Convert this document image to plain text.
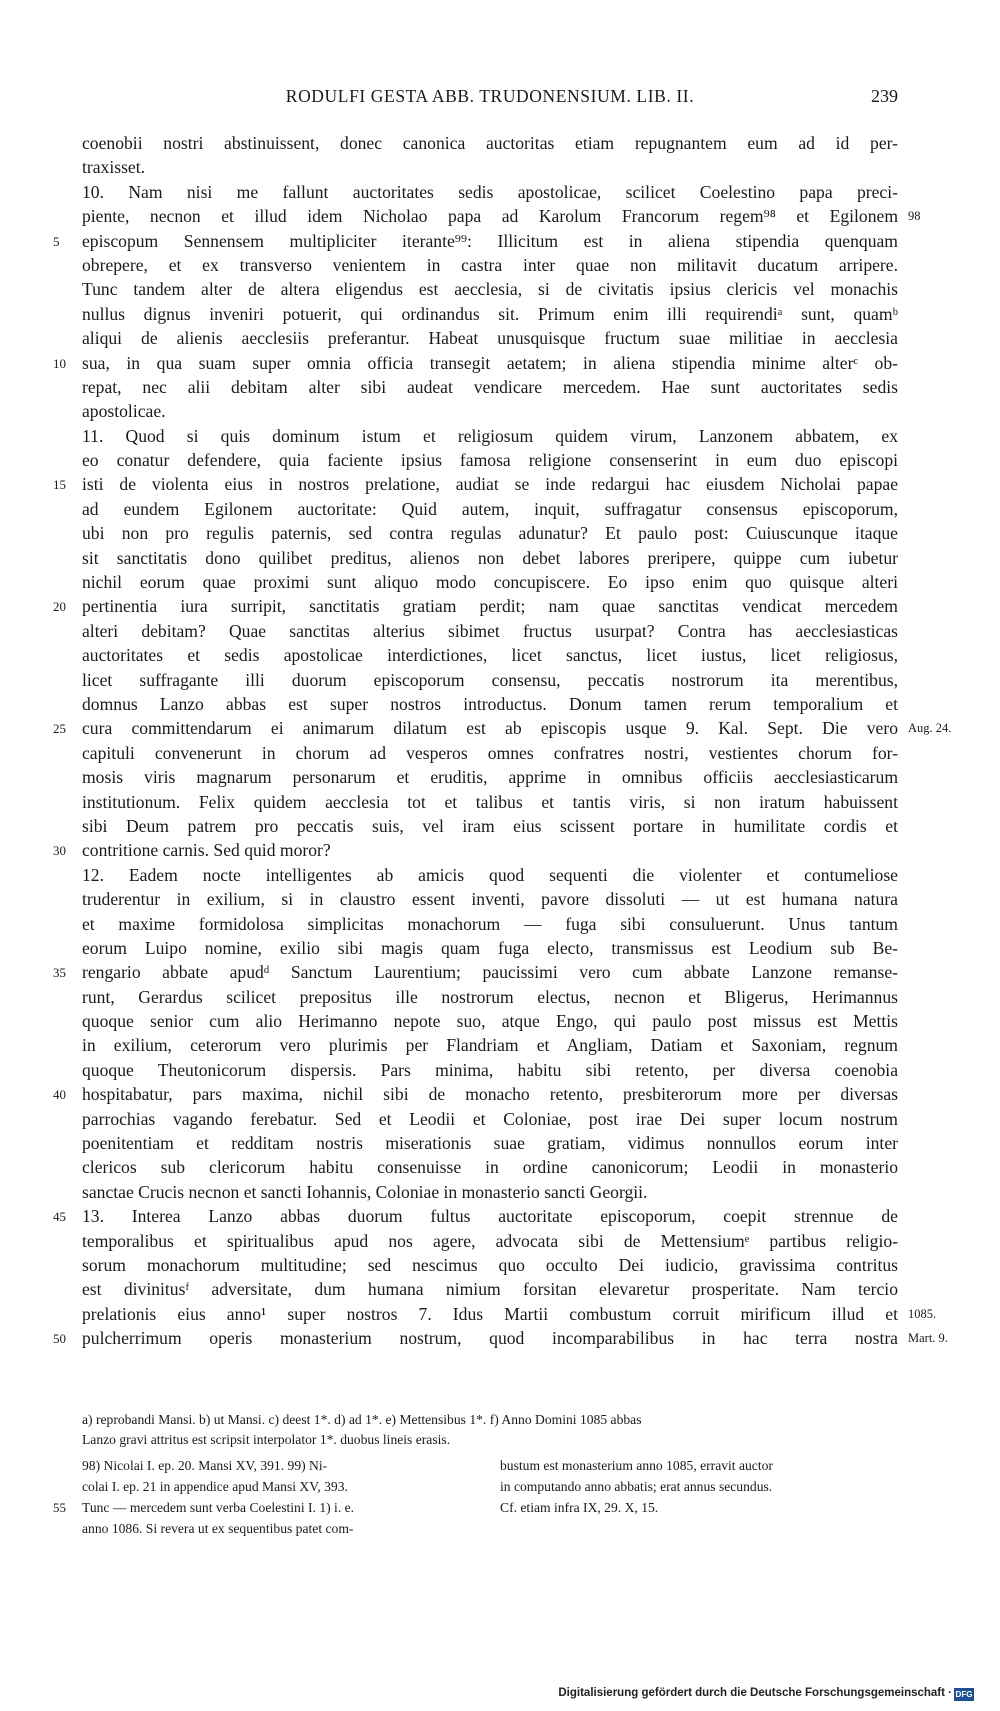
RODULFI GESTA ABB. TRUDONENSIUM. LIB. II.	239
coenobii nostri abstinuissent, donec canonica auctoritas etiam repugnantem eum ad id per-
traxisset.
10. Nam nisi me fallunt auctoritates sedis apostolicae, scilicet Coelestino papa preci-
piente, necnon et illud idem Nicholao papa ad Karolum Francorum regem⁹⁸ et Egilonem 98
5 episcopum Sennensem multipliciter iterante⁹⁹: Illicitum est in aliena stipendia quenquam
obrepere, et ex transverso venientem in castra inter quae non militavit ducatum arripere.
Tunc tandem alter de altera eligendus est aecclesia, si de civitatis ipsius clericis vel monachis
nullus dignus inveniri potuerit, qui ordinandus sit. Primum enim illi requirendiᵃ sunt, quamᵇ
aliqui de alienis aecclesiis preferantur. Habeat unusquisque fructum suae militiae in aecclesia
10 sua, in qua suam super omnia officia transegit aetatem; in aliena stipendia minime alterᶜ ob-
repat, nec alii debitam alter sibi audeat vendicare mercedem. Hae sunt auctoritates sedis
apostolicae.
11. Quod si quis dominum istum et religiosum quidem virum, Lanzonem abbatem, ex
eo conatur defendere, quia faciente ipsius famosa religione consenserint in eum duo episcopi
15 isti de violenta eius in nostros prelatione, audiat se inde redargui hac eiusdem Nicholai papae
ad eundem Egilonem auctoritate: Quid autem, inquit, suffragatur consensus episcoporum,
ubi non pro regulis paternis, sed contra regulas adunatur? Et paulo post: Cuiuscunque itaque
sit sanctitatis dono quilibet preditus, alienos non debet labores preripere, quippe cum iubetur
nichil eorum quae proximi sunt aliquo modo concupiscere. Eo ipso enim quo quisque alteri
20 pertinentia iura surripit, sanctitatis gratiam perdit; nam quae sanctitas vendicat mercedem
alteri debitam? Quae sanctitas alterius sibimet fructus usurpat? Contra has aecclesiasticas
auctoritates et sedis apostolicae interdictiones, licet sanctus, licet iustus, licet religiosus,
licet suffragante illi duorum episcoporum consensu, peccatis nostrorum ita merentibus,
domnus Lanzo abbas est super nostros introductus. Donum tamen rerum temporalium et
25 cura committendarum ei animarum dilatum est ab episcopis usque 9. Kal. Sept. Die vero Aug. 24.
capituli convenerunt in chorum ad vesperos omnes confratres nostri, vestientes chorum for-
mosis viris magnarum personarum et eruditis, apprime in omnibus officiis aecclesiasticarum
institutionum. Felix quidem aecclesia tot et talibus et tantis viris, si non iratum habuissent
sibi Deum patrem pro peccatis suis, vel iram eius scissent portare in humilitate cordis et
30 contritione carnis. Sed quid moror?
12. Eadem nocte intelligentes ab amicis quod sequenti die violenter et contumeliose
truderentur in exilium, si in claustro essent inventi, pavore dissoluti — ut est humana natura
et maxime formidolosa simplicitas monachorum — fuga sibi consuluerunt. Unus tantum
eorum Luipo nomine, exilio sibi magis quam fuga electo, transmissus est Leodium sub Be-
35 rengario abbate apudᵈ Sanctum Laurentium; paucissimi vero cum abbate Lanzone remanse-
runt, Gerardus scilicet prepositus ille nostrorum electus, necnon et Bligerus, Herimannus
quoque senior cum alio Herimanno nepote suo, atque Engo, qui paulo post missus est Mettis
in exilium, ceterorum vero plurimis per Flandriam et Angliam, Datiam et Saxoniam, regnum
quoque Theutonicorum dispersis. Pars minima, habitu sibi retento, per diversa coenobia
40 hospitabatur, pars maxima, nichil sibi de monacho retento, presbiterorum more per diversas
parrochias vagando ferebatur. Sed et Leodii et Coloniae, post irae Dei super locum nostrum
poenitentiam et redditam nostris miserationis suae gratiam, vidimus nonnullos eorum inter
clericos sub clericorum habitu consenuisse in ordine canonicorum; Leodii in monasterio
sanctae Crucis necnon et sancti Iohannis, Coloniae in monasterio sancti Georgii.
45 13. Interea Lanzo abbas duorum fultus auctoritate episcoporum, coepit strennue de
temporalibus et spiritualibus apud nos agere, advocata sibi de Mettensiumᵉ partibus religio-
sorum monachorum multitudine; sed nescimus quo occulto Dei iudicio, gravissima contritus
est divinitusᶠ adversitate, dum humana nimium forsitan elevaretur prosperitate. Nam tercio
prelationis eius anno¹ super nostros 7. Idus Martii combustum corruit mirificum illud et 1085.
50 pulcherrimum operis monasterium nostrum, quod incomparabilibus in hac terra nostra Mart. 9.
a) reprobandi Mansi. b) ut Mansi. c) deest 1*. d) ad 1*. e) Mettensibus 1*. f) Anno Domini 1085 abbas
Lanzo gravi attritus est scripsit interpolator 1*. duobus lineis erasis.
98) Nicolai I. ep. 20. Mansi XV, 391. 99) Ni-
colai I. ep. 21 in appendice apud Mansi XV, 393.
55 Tunc — mercedem sunt verba Coelestini I. 1) i. e.
anno 1086. Si revera ut ex sequentibus patet com-
bustum est monasterium anno 1085, erravit auctor
in computando anno abbatis; erat annus secundus.
Cf. etiam infra IX, 29. X, 15.
Digitalisierung gefördert durch die Deutsche Forschungsgemeinschaft · DFG
